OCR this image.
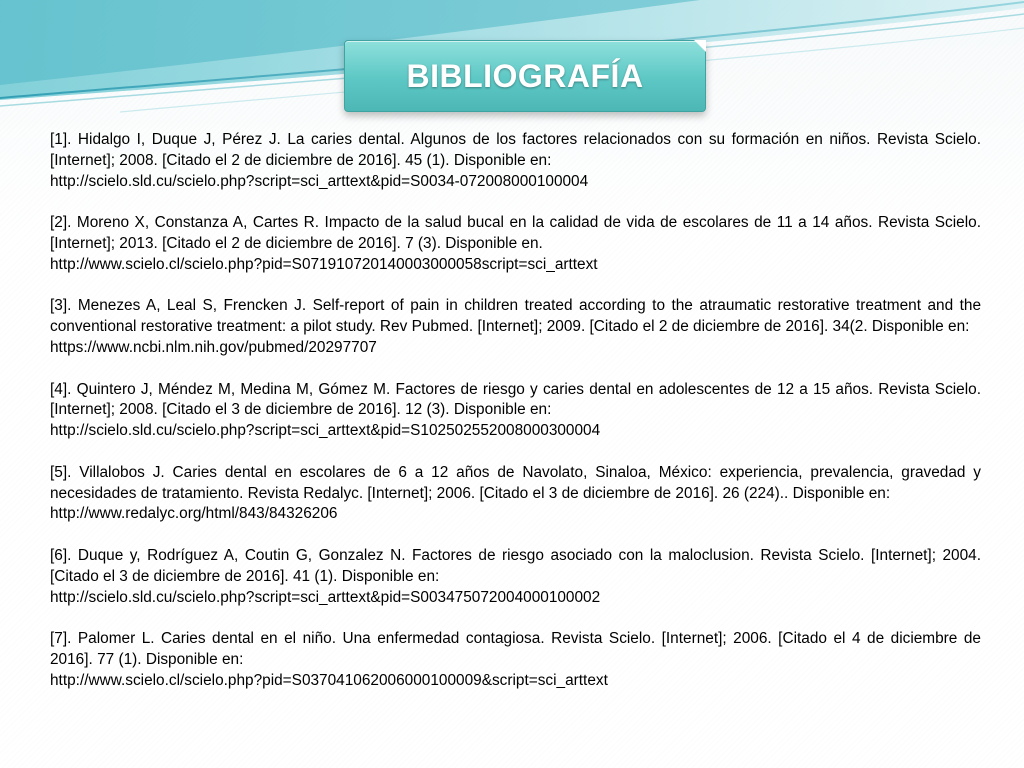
BIBLIOGRAFÍA
[1]. Hidalgo I, Duque J, Pérez J. La caries dental. Algunos de los factores relacionados con su formación en niños. Revista Scielo. [Internet]; 2008. [Citado el 2 de diciembre de 2016]. 45 (1). Disponible en:
http://scielo.sld.cu/scielo.php?script=sci_arttext&pid=S0034-072008000100004
[2]. Moreno X, Constanza A, Cartes R. Impacto de la salud bucal en la calidad de vida de escolares de 11 a 14 años. Revista Scielo. [Internet]; 2013. [Citado el 2 de diciembre de 2016]. 7 (3). Disponible en.
http://www.scielo.cl/scielo.php?pid=S071910720140003000058script=sci_arttext
[3]. Menezes A, Leal S, Frencken J. Self-report of pain in children treated according to the atraumatic restorative treatment and the conventional restorative treatment: a pilot study. Rev Pubmed. [Internet]; 2009. [Citado el 2 de diciembre de 2016]. 34(2. Disponible en:
https://www.ncbi.nlm.nih.gov/pubmed/20297707
[4]. Quintero J, Méndez M, Medina M, Gómez M. Factores de riesgo y caries dental en adolescentes de 12 a 15 años. Revista Scielo. [Internet]; 2008. [Citado el 3 de diciembre de 2016]. 12 (3). Disponible en:
http://scielo.sld.cu/scielo.php?script=sci_arttext&pid=S102502552008000300004
[5]. Villalobos J. Caries dental en escolares de 6 a 12 años de Navolato, Sinaloa, México: experiencia, prevalencia, gravedad y necesidades de tratamiento. Revista Redalyc. [Internet]; 2006. [Citado el 3 de diciembre de 2016]. 26 (224).. Disponible en:
http://www.redalyc.org/html/843/84326206
[6]. Duque y, Rodríguez A, Coutin G, Gonzalez N. Factores de riesgo asociado con la maloclusion. Revista Scielo. [Internet]; 2004. [Citado el 3 de diciembre de 2016]. 41 (1). Disponible en:
http://scielo.sld.cu/scielo.php?script=sci_arttext&pid=S003475072004000100002
[7]. Palomer L. Caries dental en el niño. Una enfermedad contagiosa. Revista Scielo. [Internet]; 2006. [Citado el 4 de diciembre de 2016]. 77 (1). Disponible en:
http://www.scielo.cl/scielo.php?pid=S037041062006000100009&script=sci_arttext
